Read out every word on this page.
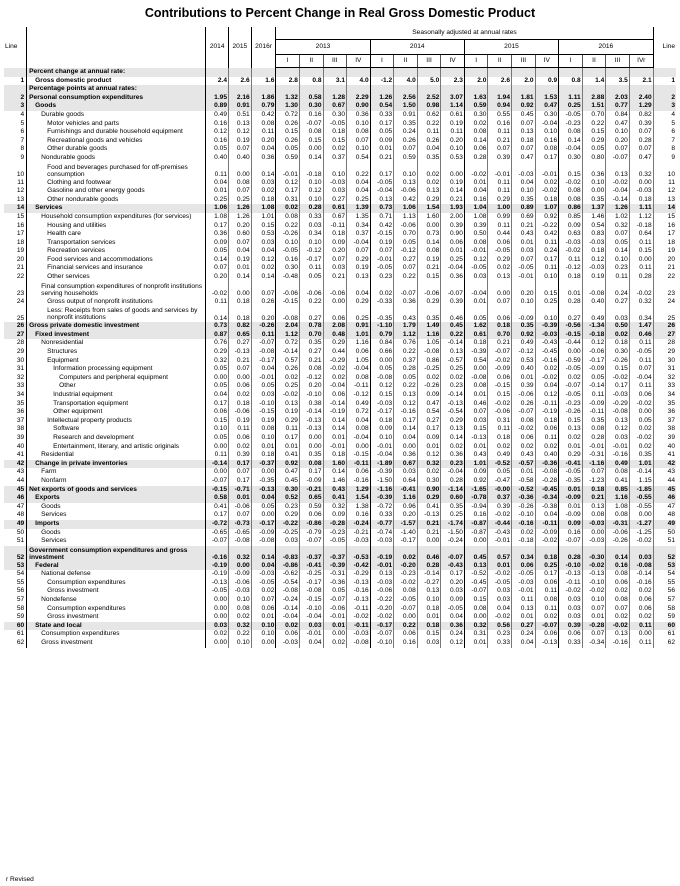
Contributions to Percent Change in Real Gross Domestic Product
Line		2014	2015	2016r	Seasonally adjusted at annual rates																Line
					2013				2014				2015				2016				
					I	II	III	IV	I	II	III	IV	I	II	III	IV	I	II	III	IVr	
	Percent change at annual rate:																				
1	Gross domestic product	2.4	2.6	1.6	2.8	0.8	3.1	4.0	-1.2	4.0	5.0	2.3	2.0	2.6	2.0	0.9	0.8	1.4	3.5	2.1	1
	Percentage points at annual rates:																				
2	Personal consumption expenditures	1.95	2.16	1.86	1.32	0.58	1.28	2.29	1.26	2.56	2.52	3.07	1.63	1.94	1.81	1.53	1.11	2.88	2.03	2.40	2
3	Goods	0.89	0.91	0.79	1.30	0.30	0.67	0.90	0.54	1.50	0.98	1.14	0.59	0.94	0.92	0.47	0.25	1.51	0.77	1.29	3
4	Durable goods	0.49	0.51	0.42	0.72	0.16	0.30	0.36	0.33	0.91	0.62	0.61	0.30	0.55	0.45	0.30	-0.05	0.70	0.84	0.82	4
5	Motor vehicles and parts	0.16	0.13	0.08	0.26	-0.07	-0.05	0.10	0.17	0.35	0.22	0.19	0.02	0.16	0.07	-0.04	-0.23	0.22	0.47	0.39	5
6	Furnishings and durable household equipment	0.12	0.12	0.11	0.15	0.08	0.18	0.08	0.05	0.24	0.11	0.11	0.08	0.11	0.13	0.10	0.08	0.15	0.10	0.07	6
7	Recreational goods and vehicles	0.16	0.19	0.20	0.26	0.15	0.15	0.07	0.09	0.26	0.26	0.20	0.14	0.21	0.18	0.16	0.14	0.29	0.20	0.28	7
8	Other durable goods	0.05	0.07	0.04	0.05	0.00	0.02	0.10	0.01	0.07	0.04	0.10	0.06	0.07	0.07	0.08	-0.04	0.05	0.07	0.07	8
9	Nondurable goods	0.40	0.40	0.36	0.59	0.14	0.37	0.54	0.21	0.59	0.35	0.53	0.28	0.39	0.47	0.17	0.30	0.80	-0.07	0.47	9
10	Food and beverages purchased for off-premises consumption	0.11	0.00	0.14	-0.01	-0.18	0.10	0.22	0.17	0.10	0.02	0.00	-0.02	-0.01	-0.03	-0.01	0.15	0.36	0.13	0.32	10
11	Clothing and footwear	0.04	0.08	0.03	0.12	0.10	-0.03	0.04	-0.05	0.13	0.02	0.19	0.01	0.11	0.04	0.02	-0.02	0.10	-0.02	0.00	11
12	Gasoline and other energy goods	0.01	0.07	0.02	0.17	0.12	0.03	0.04	-0.04	-0.06	0.13	0.14	0.04	0.11	0.10	-0.02	0.08	0.00	-0.04	-0.03	12
13	Other nondurable goods	0.25	0.25	0.18	0.31	0.10	0.27	0.25	0.13	0.42	0.29	0.21	0.16	0.29	0.35	0.18	0.08	0.35	-0.14	0.18	13
14	Services	1.06	1.26	1.08	0.02	0.28	0.61	1.39	0.73	1.06	1.54	1.93	1.04	1.00	0.89	1.07	0.86	1.37	1.26	1.11	14
15	Household consumption expenditures (for services)	1.08	1.26	1.01	0.08	0.33	0.67	1.35	0.71	1.13	1.60	2.00	1.08	0.99	0.69	0.92	0.85	1.46	1.02	1.12	15
16	Housing and utilities	0.17	0.20	0.15	0.22	0.03	-0.11	0.34	0.42	-0.06	0.00	0.39	0.39	0.11	0.21	-0.22	0.09	0.54	0.32	-0.18	16
17	Health care	0.36	0.60	0.53	-0.26	0.34	0.18	0.37	-0.15	0.70	0.73	0.90	0.50	0.44	0.43	0.42	0.63	0.83	0.07	0.64	17
18	Transportation services	0.09	0.07	0.03	0.10	0.10	0.09	-0.04	0.19	0.05	0.14	0.06	0.08	0.06	0.01	0.11	-0.03	-0.03	0.05	0.11	18
19	Recreation services	0.05	0.04	0.04	-0.05	-0.12	0.20	0.07	0.07	-0.12	0.08	0.01	-0.01	-0.05	0.03	0.24	-0.02	0.18	0.14	0.15	19
20	Food services and accommodations	0.14	0.19	0.12	0.16	-0.17	0.07	0.29	-0.01	0.27	0.19	0.25	0.12	0.29	0.07	0.17	0.11	0.12	0.10	0.00	20
21	Financial services and insurance	0.07	0.01	0.02	0.30	0.11	0.03	0.19	-0.05	0.07	0.21	-0.04	-0.05	0.02	-0.05	0.11	-0.12	-0.03	0.23	0.11	21
22	Other services	0.20	0.14	0.14	-0.48	0.05	0.21	0.13	0.23	0.22	0.15	0.36	0.03	0.13	-0.01	0.10	0.18	0.19	0.11	0.28	22
23	Final consumption expenditures of nonprofit institutions serving households	-0.02	0.00	0.07	-0.06	-0.06	-0.06	0.04	0.02	-0.07	-0.06	-0.07	-0.04	0.00	0.20	0.15	0.01	-0.08	0.24	-0.02	23
24	Gross output of nonprofit institutions	0.11	0.18	0.26	-0.15	0.22	0.00	0.29	-0.33	0.36	0.29	0.39	0.01	0.07	0.10	0.25	0.28	0.40	0.27	0.32	24
25	Less: Receipts from sales of goods and services by nonprofit institutions	0.14	0.18	0.20	-0.08	0.27	0.06	0.25	-0.35	0.43	0.35	0.46	0.05	0.06	-0.09	0.10	0.27	0.49	0.03	0.34	25
26	Gross private domestic investment	0.73	0.82	-0.26	2.04	0.78	2.08	0.91	-1.10	1.79	1.49	0.45	1.62	0.18	0.35	-0.39	-0.56	-1.34	0.50	1.47	26
27	Fixed investment	0.87	0.65	0.11	1.12	0.70	0.48	1.01	0.79	1.12	1.16	0.22	0.61	0.70	0.92	-0.03	-0.15	-0.18	0.02	0.46	27
28	Nonresidential	0.76	0.27	-0.07	0.72	0.35	0.29	1.16	0.84	0.76	1.05	-0.14	0.18	0.21	0.49	-0.43	-0.44	0.12	0.18	0.11	28
29	Structures	0.29	-0.13	-0.08	-0.14	0.27	0.44	0.06	0.66	0.22	-0.08	0.13	-0.39	-0.07	-0.12	-0.45	0.00	-0.06	0.30	-0.05	29
30	Equipment	0.32	0.21	-0.17	0.57	0.21	-0.29	1.05	0.00	0.37	0.86	-0.57	0.54	-0.02	0.53	-0.16	-0.59	-0.17	-0.26	0.11	30
31	Information processing equipment	0.05	0.07	0.04	0.26	0.08	-0.02	-0.04	0.05	0.28	-0.25	0.25	0.00	-0.09	0.40	0.02	-0.05	-0.09	0.15	0.07	31
32	Computers and peripheral equipment	0.00	0.00	-0.01	0.02	-0.12	0.02	0.08	-0.08	0.05	0.02	0.02	-0.08	0.06	0.01	-0.02	0.02	0.05	-0.02	-0.04	32
33	Other	0.05	0.06	0.05	0.25	0.20	-0.04	-0.11	0.12	0.22	-0.26	0.23	0.08	-0.15	0.39	0.04	-0.07	-0.14	0.17	0.11	33
34	Industrial equipment	0.04	0.02	0.03	-0.02	-0.10	0.06	-0.12	0.15	0.13	0.09	-0.14	0.01	0.15	-0.06	0.12	-0.05	0.11	-0.03	0.06	34
35	Transportation equipment	0.17	0.18	-0.10	0.13	0.38	-0.14	0.49	-0.03	0.12	0.47	-0.13	0.46	-0.02	0.26	-0.11	-0.23	-0.09	-0.29	-0.02	35
36	Other equipment	0.06	-0.06	-0.15	0.19	-0.14	-0.19	0.72	-0.17	-0.16	0.54	-0.54	0.07	-0.06	-0.07	-0.19	-0.26	-0.11	-0.08	0.00	36
37	Intellectual property products	0.15	0.19	0.19	0.29	-0.13	0.14	0.04	0.18	0.17	0.27	0.29	0.03	0.31	0.08	0.18	0.15	0.35	0.13	0.05	37
38	Software	0.10	0.11	0.08	0.11	-0.13	0.14	0.08	0.09	0.14	0.17	0.13	0.15	0.11	-0.02	0.06	0.13	0.08	0.12	0.02	38
39	Research and development	0.05	0.06	0.10	0.17	0.00	0.01	-0.04	0.10	0.04	0.09	0.14	-0.13	0.18	0.06	0.11	0.02	0.28	0.03	-0.02	39
40	Entertainment, literary, and artistic originals	0.00	0.02	0.01	0.01	0.00	-0.01	0.00	-0.01	0.00	0.01	0.02	0.01	0.02	0.02	0.02	0.01	-0.01	-0.01	0.02	40
41	Residential	0.11	0.39	0.18	0.41	0.35	0.18	-0.15	-0.04	0.36	0.12	0.36	0.43	0.49	0.43	0.40	0.29	-0.31	-0.16	0.35	41
42	Change in private inventories	-0.14	0.17	-0.37	0.92	0.08	1.60	-0.11	-1.89	0.67	0.32	0.23	1.01	-0.52	-0.57	-0.36	-0.41	-1.16	0.49	1.01	42
43	Farm	0.00	0.07	0.00	0.47	0.17	0.14	0.06	-0.39	0.03	0.02	-0.04	0.09	0.05	0.01	-0.08	-0.05	0.07	0.08	-0.14	43
44	Nonfarm	-0.07	0.17	-0.35	0.45	-0.09	1.46	-0.16	-1.50	0.64	0.30	0.28	0.92	-0.47	-0.58	-0.28	-0.35	-1.23	0.41	1.15	44
45	Net exports of goods and services	-0.15	-0.71	-0.13	0.30	-0.21	0.43	1.29	-1.16	-0.41	0.90	-1.14	-1.65	-0.00	-0.52	-0.45	0.01	0.18	0.85	-1.85	45
46	Exports	0.58	0.01	0.04	0.52	0.65	0.41	1.54	-0.39	1.16	0.29	0.60	-0.78	0.37	-0.36	-0.34	-0.09	0.21	1.16	-0.55	46
47	Goods	0.41	-0.06	0.05	0.23	0.59	0.32	1.38	-0.72	0.96	0.41	0.35	-0.94	0.39	-0.26	-0.38	0.01	0.13	1.08	-0.55	47
48	Services	0.17	0.07	0.00	0.29	0.06	0.09	0.16	0.33	0.20	-0.13	0.25	0.16	-0.02	-0.10	0.04	-0.09	0.08	0.08	0.00	48
49	Imports	-0.72	-0.73	-0.17	-0.22	-0.86	-0.28	-0.24	-0.77	-1.57	0.21	-1.74	-0.87	-0.44	-0.16	-0.11	0.09	-0.03	-0.31	-1.27	49
50	Goods	-0.65	-0.65	-0.09	-0.25	-0.79	-0.23	-0.21	-0.74	-1.40	0.21	-1.50	-0.87	-0.43	0.02	-0.09	0.16	0.00	-0.06	-1.25	50
51	Services	-0.07	-0.08	-0.08	0.03	-0.07	-0.05	-0.03	-0.03	-0.17	0.00	-0.24	0.00	-0.01	-0.18	-0.02	-0.07	-0.03	-0.26	-0.02	51
52	Government consumption expenditures and gross investment	-0.16	0.32	0.14	-0.83	-0.37	-0.37	-0.53	-0.19	0.02	0.46	-0.07	0.45	0.57	0.34	0.18	0.28	-0.30	0.14	0.03	52
53	Federal	-0.19	0.00	0.04	-0.86	-0.41	-0.39	-0.42	-0.01	-0.20	0.28	-0.43	0.13	0.01	0.06	0.25	-0.10	-0.02	0.16	-0.08	53
54	National defense	-0.19	-0.09	-0.03	-0.62	-0.25	-0.31	-0.29	0.13	-0.23	-0.14	0.17	-0.52	-0.02	-0.05	0.17	-0.13	-0.13	0.08	-0.14	54
55	Consumption expenditures	-0.13	-0.06	-0.05	-0.54	-0.17	-0.36	-0.13	-0.03	-0.02	-0.27	0.20	-0.45	-0.05	-0.03	0.06	-0.11	-0.10	0.06	-0.16	55
56	Gross investment	-0.05	-0.03	0.02	-0.08	-0.08	0.05	-0.16	-0.06	0.08	0.13	0.03	-0.07	0.03	-0.01	0.11	-0.02	-0.02	0.02	0.02	56
57	Nondefense	0.00	0.10	0.07	-0.24	-0.15	-0.07	-0.13	-0.22	-0.05	0.10	0.09	0.15	0.03	0.11	0.08	0.03	0.10	0.08	0.06	57
58	Consumption expenditures	0.00	0.08	0.06	-0.14	-0.10	-0.06	-0.11	-0.20	-0.07	0.18	-0.05	0.08	0.04	0.13	0.11	0.03	0.07	0.07	0.06	58
59	Gross investment	0.00	0.02	0.01	-0.04	-0.04	-0.01	-0.02	-0.02	0.00	0.01	0.04	0.00	-0.02	0.01	0.02	0.03	0.01	0.02	0.02	59
60	State and local	0.03	0.32	0.10	0.02	0.03	0.01	-0.11	-0.17	0.22	0.18	0.36	0.32	0.56	0.27	-0.07	0.39	-0.28	-0.02	0.11	60
61	Consumption expenditures	0.02	0.22	0.10	0.06	-0.01	0.00	-0.03	-0.07	0.06	0.15	0.24	0.31	0.23	0.24	0.06	0.06	0.07	0.13	0.00	61
62	Gross investment	0.00	0.10	0.00	-0.03	0.04	0.02	-0.08	-0.10	0.16	0.03	0.12	0.01	0.33	0.04	-0.13	0.33	-0.34	-0.16	0.11	62
r Revised
